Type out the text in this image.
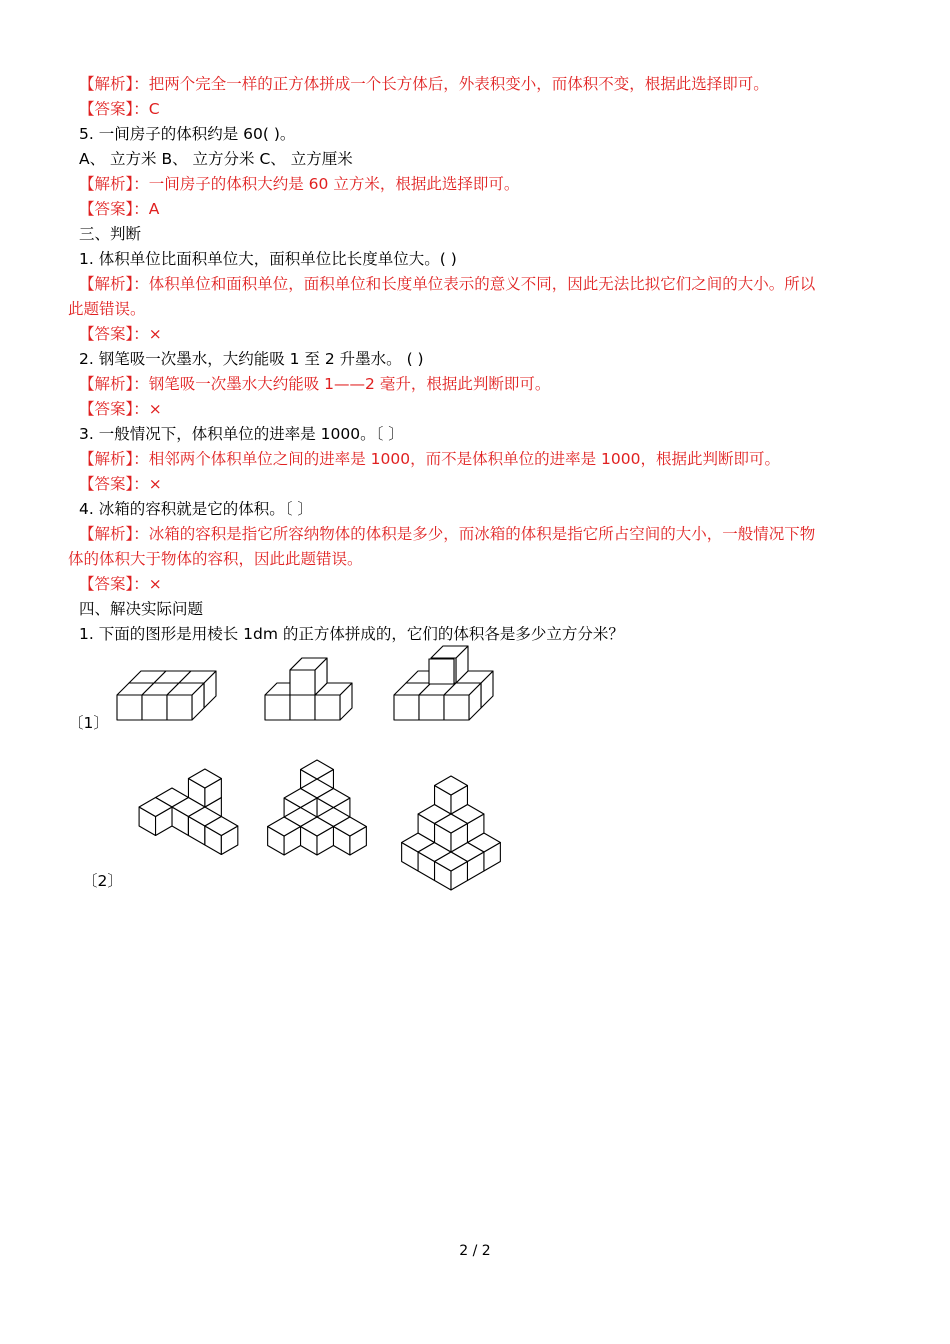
【解析】：把两个完全一样的正方体拼成一个长方体后，外表积变小，而体积不变，根据此选择即可。
【答案】：C
5. 一间房子的体积约是 60( )。
A、 立方米 B、 立方分米 C、 立方厘米
【解析】：一间房子的体积大约是 60 立方米，根据此选择即可。
【答案】：A
三、判断
1. 体积单位比面积单位大，面积单位比长度单位大。( )
【解析】：体积单位和面积单位，面积单位和长度单位表示的意义不同，因此无法比拟它们之间的大小。所以
此题错误。
【答案】：×
2. 钢笔吸一次墨水，大约能吸 1 至 2 升墨水。 ( )
【解析】：钢笔吸一次墨水大约能吸 1——2 毫升，根据此判断即可。
【答案】：×
3. 一般情况下，体积单位的进率是 1000。〔 〕
【解析】：相邻两个体积单位之间的进率是 1000，而不是体积单位的进率是 1000，根据此判断即可。
【答案】：×
4. 冰箱的容积就是它的体积。〔 〕
【解析】：冰箱的容积是指它所容纳物体的体积是多少，而冰箱的体积是指它所占空间的大小，一般情况下物
体的体积大于物体的容积，因此此题错误。
【答案】：×
四、解决实际问题
1. 下面的图形是用棱长 1dm 的正方体拼成的，它们的体积各是多少立方分米？
〔1〕
〔2〕
2 / 2
